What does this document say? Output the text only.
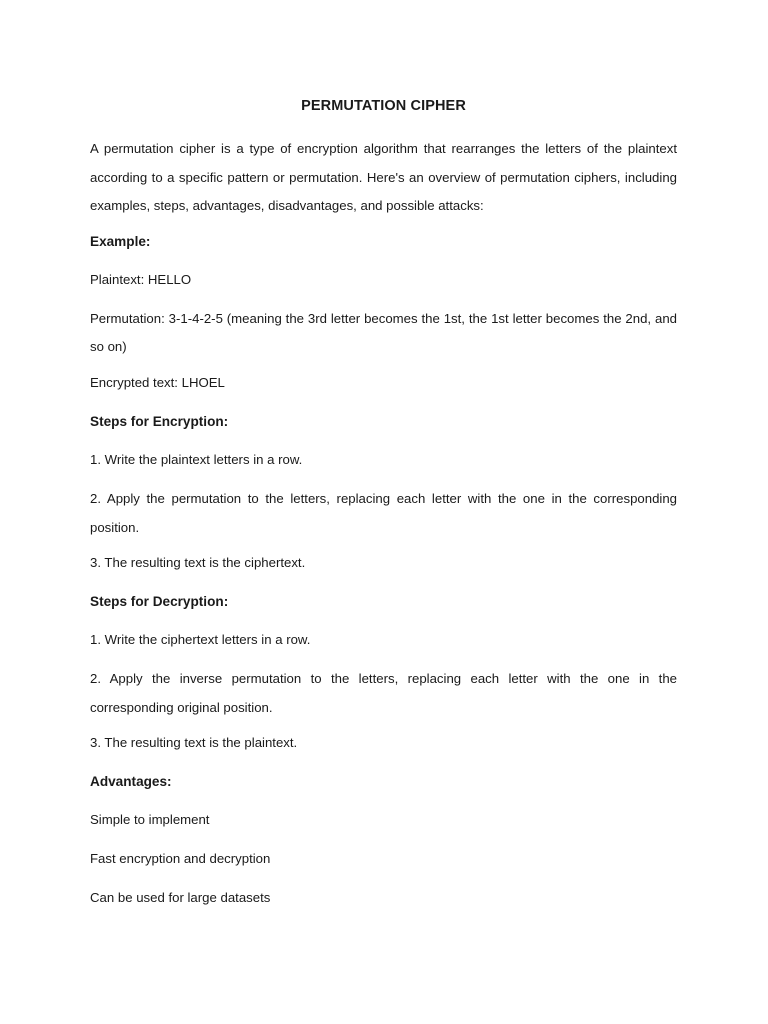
PERMUTATION CIPHER
A permutation cipher is a type of encryption algorithm that rearranges the letters of the plaintext according to a specific pattern or permutation. Here's an overview of permutation ciphers, including examples, steps, advantages, disadvantages, and possible attacks:
Example:
Plaintext: HELLO
Permutation: 3-1-4-2-5 (meaning the 3rd letter becomes the 1st, the 1st letter becomes the 2nd, and so on)
Encrypted text: LHOEL
Steps for Encryption:
1. Write the plaintext letters in a row.
2. Apply the permutation to the letters, replacing each letter with the one in the corresponding position.
3. The resulting text is the ciphertext.
Steps for Decryption:
1. Write the ciphertext letters in a row.
2. Apply the inverse permutation to the letters, replacing each letter with the one in the corresponding original position.
3. The resulting text is the plaintext.
Advantages:
Simple to implement
Fast encryption and decryption
Can be used for large datasets
